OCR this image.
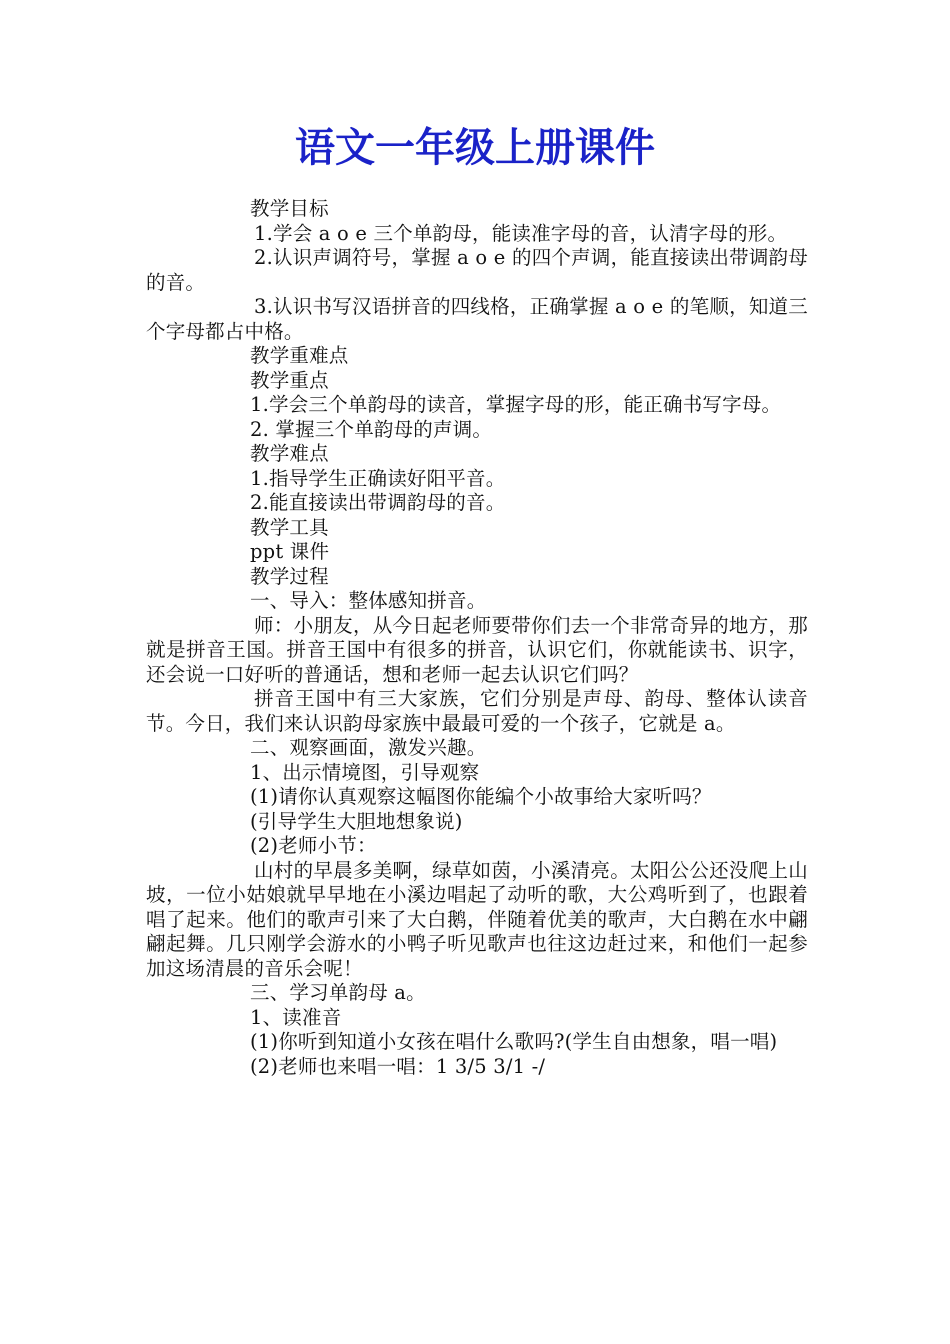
语文一年级上册课件

教学目标

1.学会 a o e 三个单韵母，能读准字母的音，认清字母的形。

2.认识声调符号，掌握 a o e 的四个声调，能直接读出带调韵母的音。

3.认识书写汉语拼音的四线格，正确掌握 a o e 的笔顺，知道三个字母都占中格。

教学重难点

教学重点

1.学会三个单韵母的读音，掌握字母的形，能正确书写字母。

2. 掌握三个单韵母的声调。

教学难点

1.指导学生正确读好阳平音。

2.能直接读出带调韵母的音。

教学工具

ppt 课件

教学过程

一、导入：整体感知拼音。

师：小朋友，从今日起老师要带你们去一个非常奇异的地方，那就是拼音王国。拼音王国中有很多的拼音，认识它们，你就能读书、识字，还会说一口好听的普通话，想和老师一起去认识它们吗？

拼音王国中有三大家族，它们分别是声母、韵母、整体认读音节。今日，我们来认识韵母家族中最最可爱的一个孩子，它就是 a。

二、观察画面，激发兴趣。

1、出示情境图，引导观察

(1)请你认真观察这幅图你能编个小故事给大家听吗？

(引导学生大胆地想象说)

(2)老师小节：

山村的早晨多美啊，绿草如茵，小溪清亮。太阳公公还没爬上山坡，一位小姑娘就早早地在小溪边唱起了动听的歌，大公鸡听到了，也跟着唱了起来。他们的歌声引来了大白鹅，伴随着优美的歌声，大白鹅在水中翩翩起舞。几只刚学会游水的小鸭子听见歌声也往这边赶过来，和他们一起参加这场清晨的音乐会呢！

三、学习单韵母 a。

1、读准音

(1)你听到知道小女孩在唱什么歌吗?(学生自由想象，唱一唱)

(2)老师也来唱一唱：1 3/5 3/1 -/
